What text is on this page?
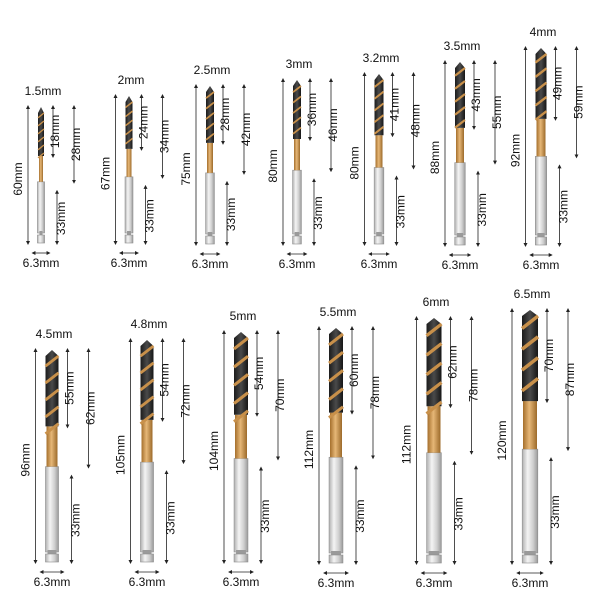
1.5mm
6.3mm
60mm
18mm 28mm
33mm
2mm
6.3mm
67mm
24mm 34mm
33mm
2.5mm
6.3mm
75mm
28mm 42mm
33mm
3mm
6.3mm
80mm
36mm 46mm
33mm
3.2mm
6.3mm
80mm
41mm 48mm
33mm
3.5mm
6.3mm
88mm
43mm
55mm
33mm
4mm
6.3mm
92mm
49mm
59mm
33mm
4.5mm
6.3mm
96mm
55mm
62mm
33mm
4.8mm
6.3mm
105mm
54mm
72mm
33mm
5mm
6.3mm
104mm
54mm
70mm
33mm
5.5mm
6.3mm
112mm
60mm
78mm
33mm
6mm
6.3mm
112mm
62mm
78mm
33mm
6.5mm
6.3mm
120mm
70mm
87mm
33mm
